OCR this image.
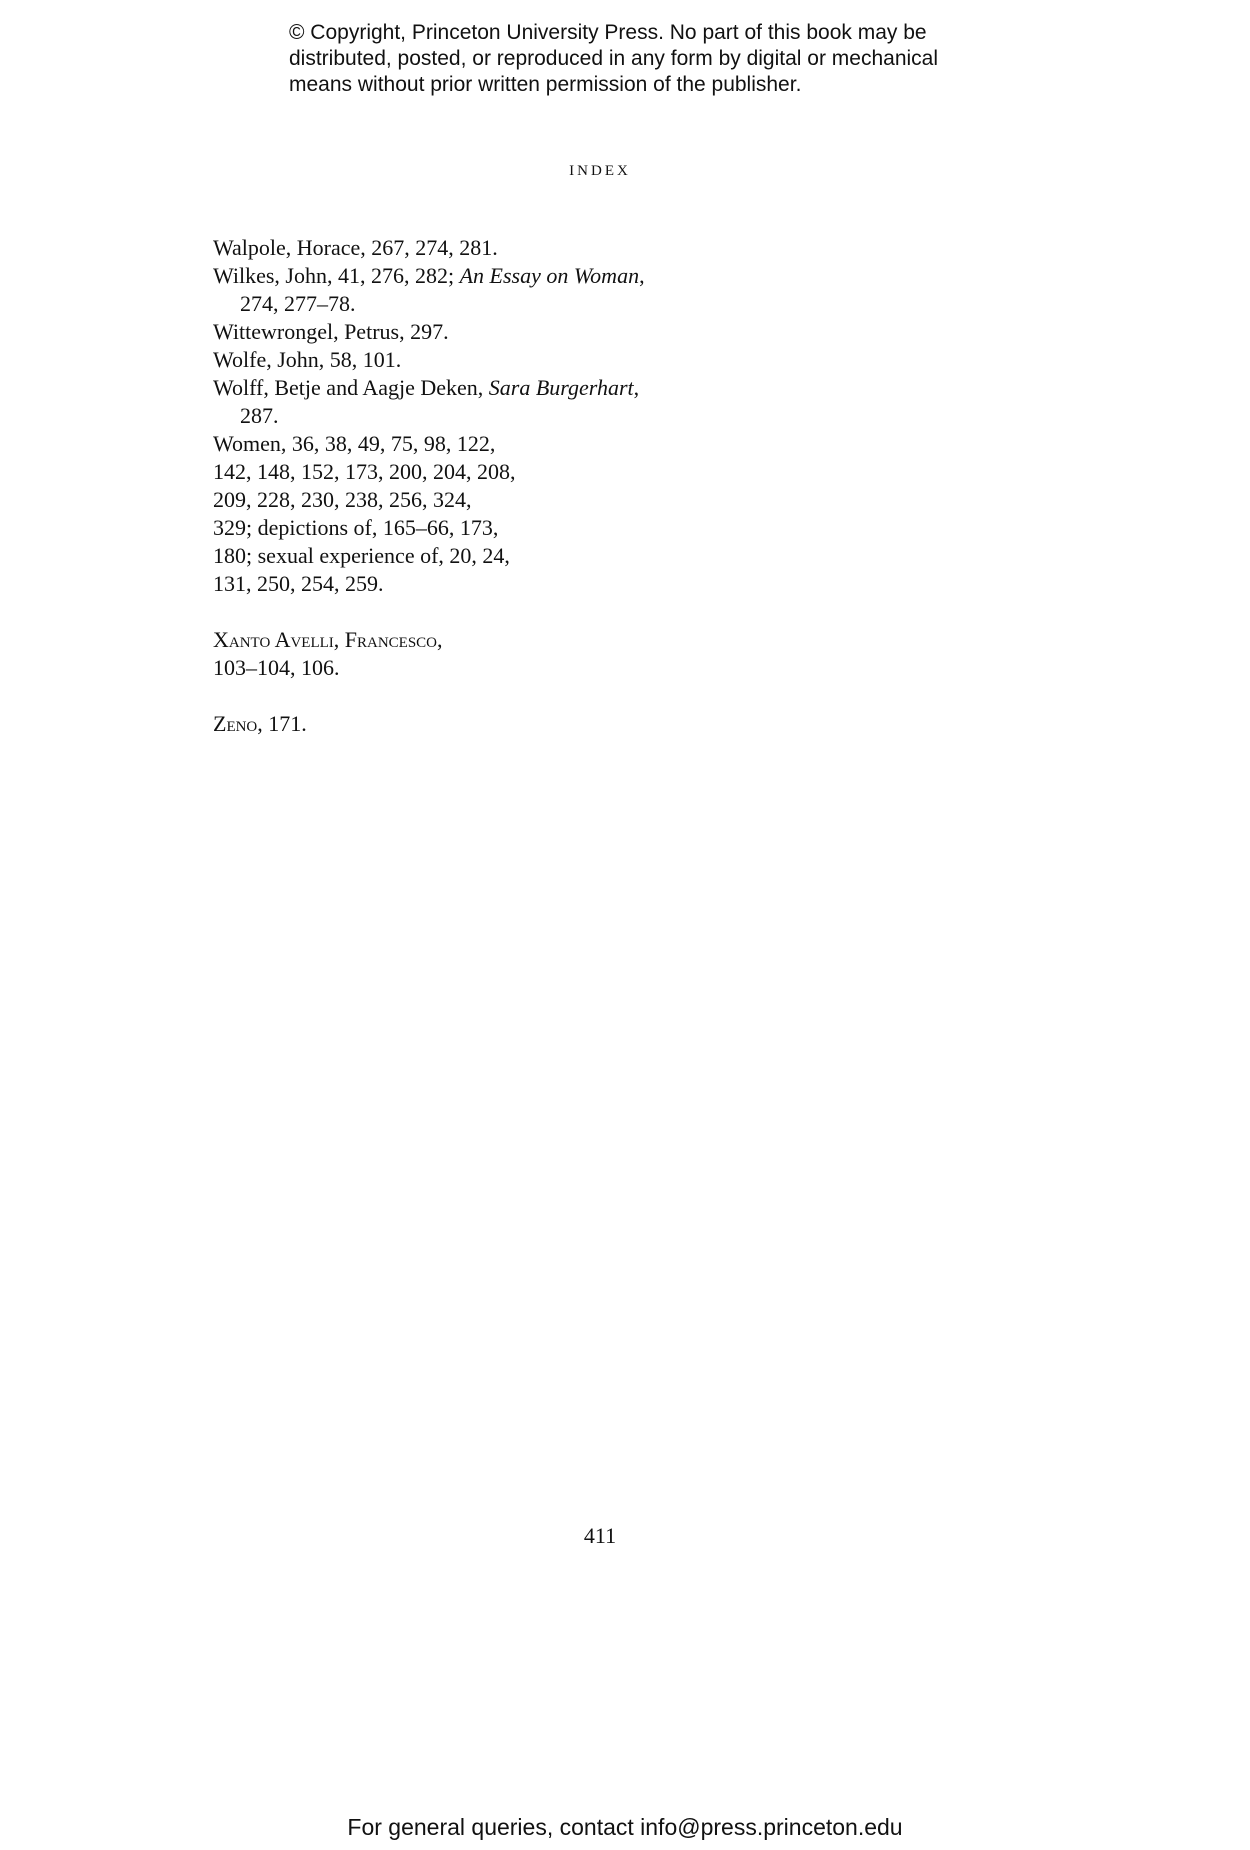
© Copyright, Princeton University Press. No part of this book may be
distributed, posted, or reproduced in any form by digital or mechanical
means without prior written permission of the publisher.
INDEX
Walpole, Horace, 267, 274, 281.
Wilkes, John, 41, 276, 282; An Essay on Woman, 274, 277–78.
Wittewrongel, Petrus, 297.
Wolfe, John, 58, 101.
Wolff, Betje and Aagje Deken, Sara Burgerhart, 287.
Women, 36, 38, 49, 75, 98, 122,
142, 148, 152, 173, 200, 204, 208,
209, 228, 230, 238, 256, 324,
329; depictions of, 165–66, 173,
180; sexual experience of, 20, 24,
131, 250, 254, 259.
Xanto Avelli, Francesco,
103–104, 106.
Zeno, 171.
411
For general queries, contact info@press.princeton.edu
